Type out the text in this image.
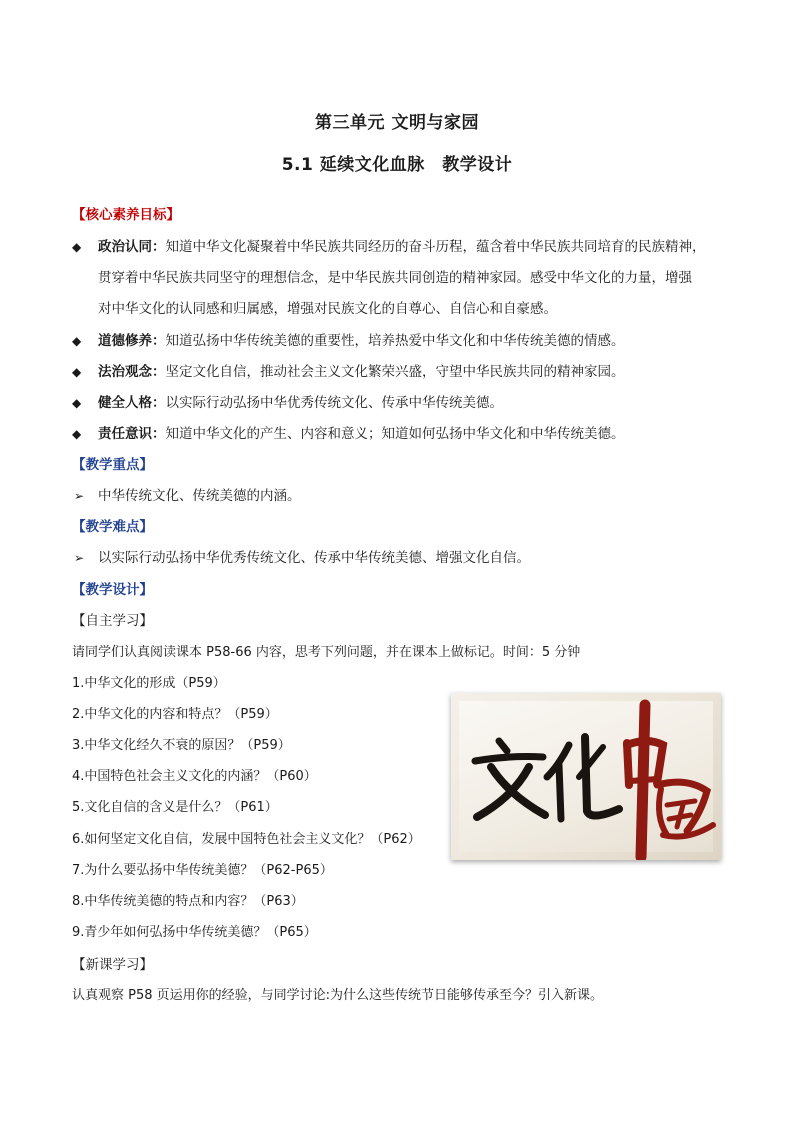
第三单元 文明与家园
5.1 延续文化血脉　教学设计
【核心素养目标】
◆ 政治认同：知道中华文化凝聚着中华民族共同经历的奋斗历程，蕴含着中华民族共同培育的民族精神，
贯穿着中华民族共同坚守的理想信念，是中华民族共同创造的精神家园。感受中华文化的力量，增强
对中华文化的认同感和归属感，增强对民族文化的自尊心、自信心和自豪感。
◆ 道德修养：知道弘扬中华传统美德的重要性，培养热爱中华文化和中华传统美德的情感。
◆ 法治观念：坚定文化自信，推动社会主义文化繁荣兴盛，守望中华民族共同的精神家园。
◆ 健全人格：以实际行动弘扬中华优秀传统文化、传承中华传统美德。
◆ 责任意识：知道中华文化的产生、内容和意义；知道如何弘扬中华文化和中华传统美德。
【教学重点】
➢ 中华传统文化、传统美德的内涵。
【教学难点】
➢ 以实际行动弘扬中华优秀传统文化、传承中华传统美德、增强文化自信。
【教学设计】
【自主学习】
请同学们认真阅读课本 P58-66 内容，思考下列问题，并在课本上做标记。时间：5 分钟
1.中华文化的形成（P59）
2.中华文化的内容和特点？（P59）
3.中华文化经久不衰的原因？（P59）
4.中国特色社会主义文化的内涵？（P60）
5.文化自信的含义是什么？（P61）
6.如何坚定文化自信，发展中国特色社会主义文化？（P62）
7.为什么要弘扬中华传统美德？（P62-P65）
8.中华传统美德的特点和内容？（P63）
9.青少年如何弘扬中华传统美德？（P65）
【新课学习】
认真观察 P58 页运用你的经验，与同学讨论:为什么这些传统节日能够传承至今？引入新课。
